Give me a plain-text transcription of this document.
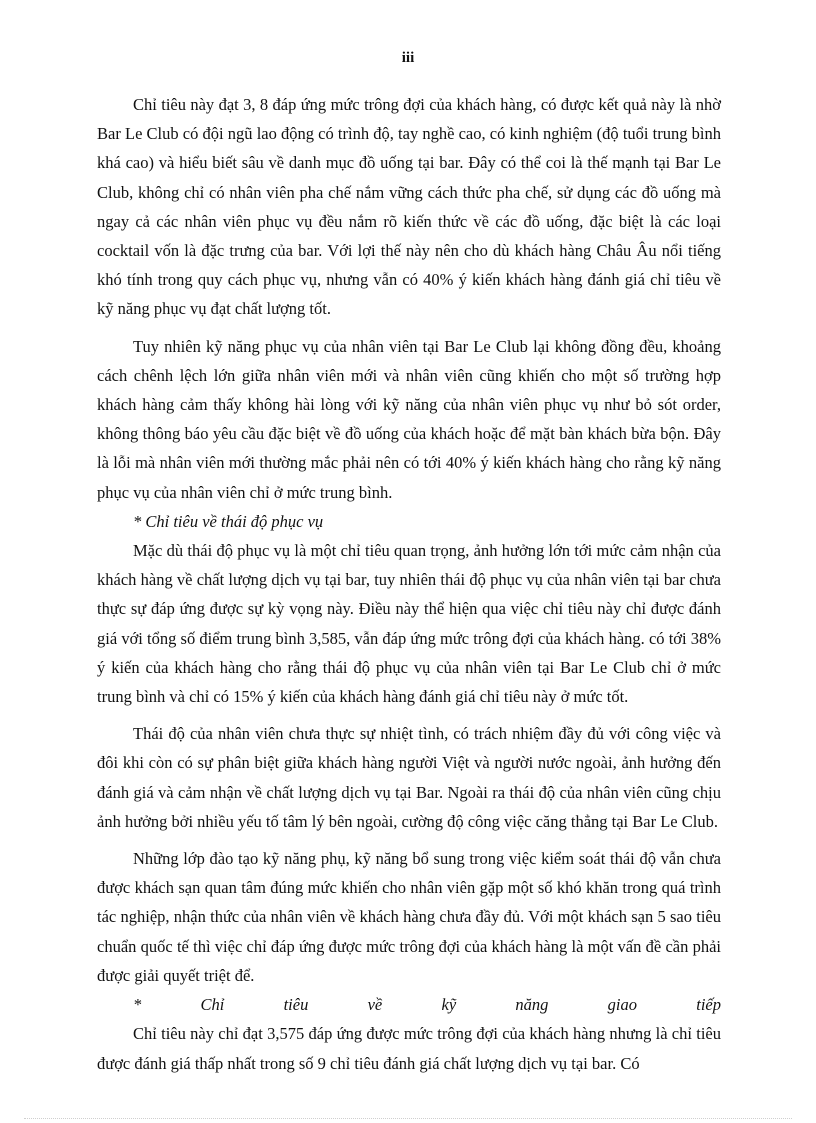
iii

Chỉ tiêu này đạt 3, 8 đáp ứng mức trông đợi của khách hàng, có được kết quả này là nhờ Bar Le Club có đội ngũ lao động có trình độ, tay nghề cao, có kinh nghiệm (độ tuổi trung bình khá cao) và hiểu biết sâu về danh mục đồ uống tại bar. Đây có thể coi là thế mạnh tại Bar Le Club, không chỉ có nhân viên pha chế nắm vững cách thức pha chế, sử dụng các đồ uống mà ngay cả các nhân viên phục vụ đều nắm rõ kiến thức về các đồ uống, đặc biệt là các loại cocktail vốn là đặc trưng của bar. Với lợi thế này nên cho dù khách hàng Châu Âu nổi tiếng khó tính trong quy cách phục vụ, nhưng vẫn có 40% ý kiến khách hàng đánh giá chỉ tiêu về kỹ năng phục vụ đạt chất lượng tốt.

Tuy nhiên kỹ năng phục vụ của nhân viên tại Bar Le Club lại không đồng đều, khoảng cách chênh lệch lớn giữa nhân viên mới và nhân viên cũng khiến cho một số trường hợp khách hàng cảm thấy không hài lòng với kỹ năng của nhân viên phục vụ như bỏ sót order, không thông báo yêu cầu đặc biệt về đồ uống của khách hoặc để mặt bàn khách bừa bộn. Đây là lỗi mà nhân viên mới thường mắc phải nên có tới 40% ý kiến khách hàng cho rằng kỹ năng phục vụ của nhân viên chỉ ở mức trung bình.

* Chỉ tiêu về thái độ phục vụ

Mặc dù thái độ phục vụ là một chỉ tiêu quan trọng, ảnh hưởng lớn tới mức cảm nhận của khách hàng về chất lượng dịch vụ tại bar, tuy nhiên thái độ phục vụ của nhân viên tại bar chưa thực sự đáp ứng được sự kỳ vọng này. Điều này thể hiện qua việc chỉ tiêu này chỉ được đánh giá với tổng số điểm trung bình 3,585, vẫn đáp ứng mức trông đợi của khách hàng. có tới 38% ý kiến của khách hàng cho rằng thái độ phục vụ của nhân viên tại Bar Le Club chỉ ở mức trung bình và chỉ có 15% ý kiến của khách hàng đánh giá chỉ tiêu này ở mức tốt.

Thái độ của nhân viên chưa thực sự nhiệt tình, có trách nhiệm đầy đủ với công việc và đôi khi còn có sự phân biệt giữa khách hàng người Việt và người nước ngoài, ảnh hưởng đến đánh giá và cảm nhận về chất lượng dịch vụ tại Bar. Ngoài ra thái độ của nhân viên cũng chịu ảnh hưởng bởi nhiều yếu tố tâm lý bên ngoài, cường độ công việc căng thẳng tại Bar Le Club.

Những lớp đào tạo kỹ năng phụ, kỹ năng bổ sung trong việc kiểm soát thái độ vẫn chưa được khách sạn quan tâm đúng mức khiến cho nhân viên gặp một số khó khăn trong quá trình tác nghiệp, nhận thức của nhân viên về khách hàng chưa đầy đủ. Với một khách sạn 5 sao tiêu chuẩn quốc tế thì việc chỉ đáp ứng được mức trông đợi của khách hàng là một vấn đề cần phải được giải quyết triệt để.

*	Chỉ	tiêu	về	kỹ	năng	giao	tiếp

Chỉ tiêu này chỉ đạt 3,575 đáp ứng được mức trông đợi của khách hàng nhưng là chỉ tiêu được đánh giá thấp nhất trong số 9 chỉ tiêu đánh giá chất lượng dịch vụ tại bar. Có
